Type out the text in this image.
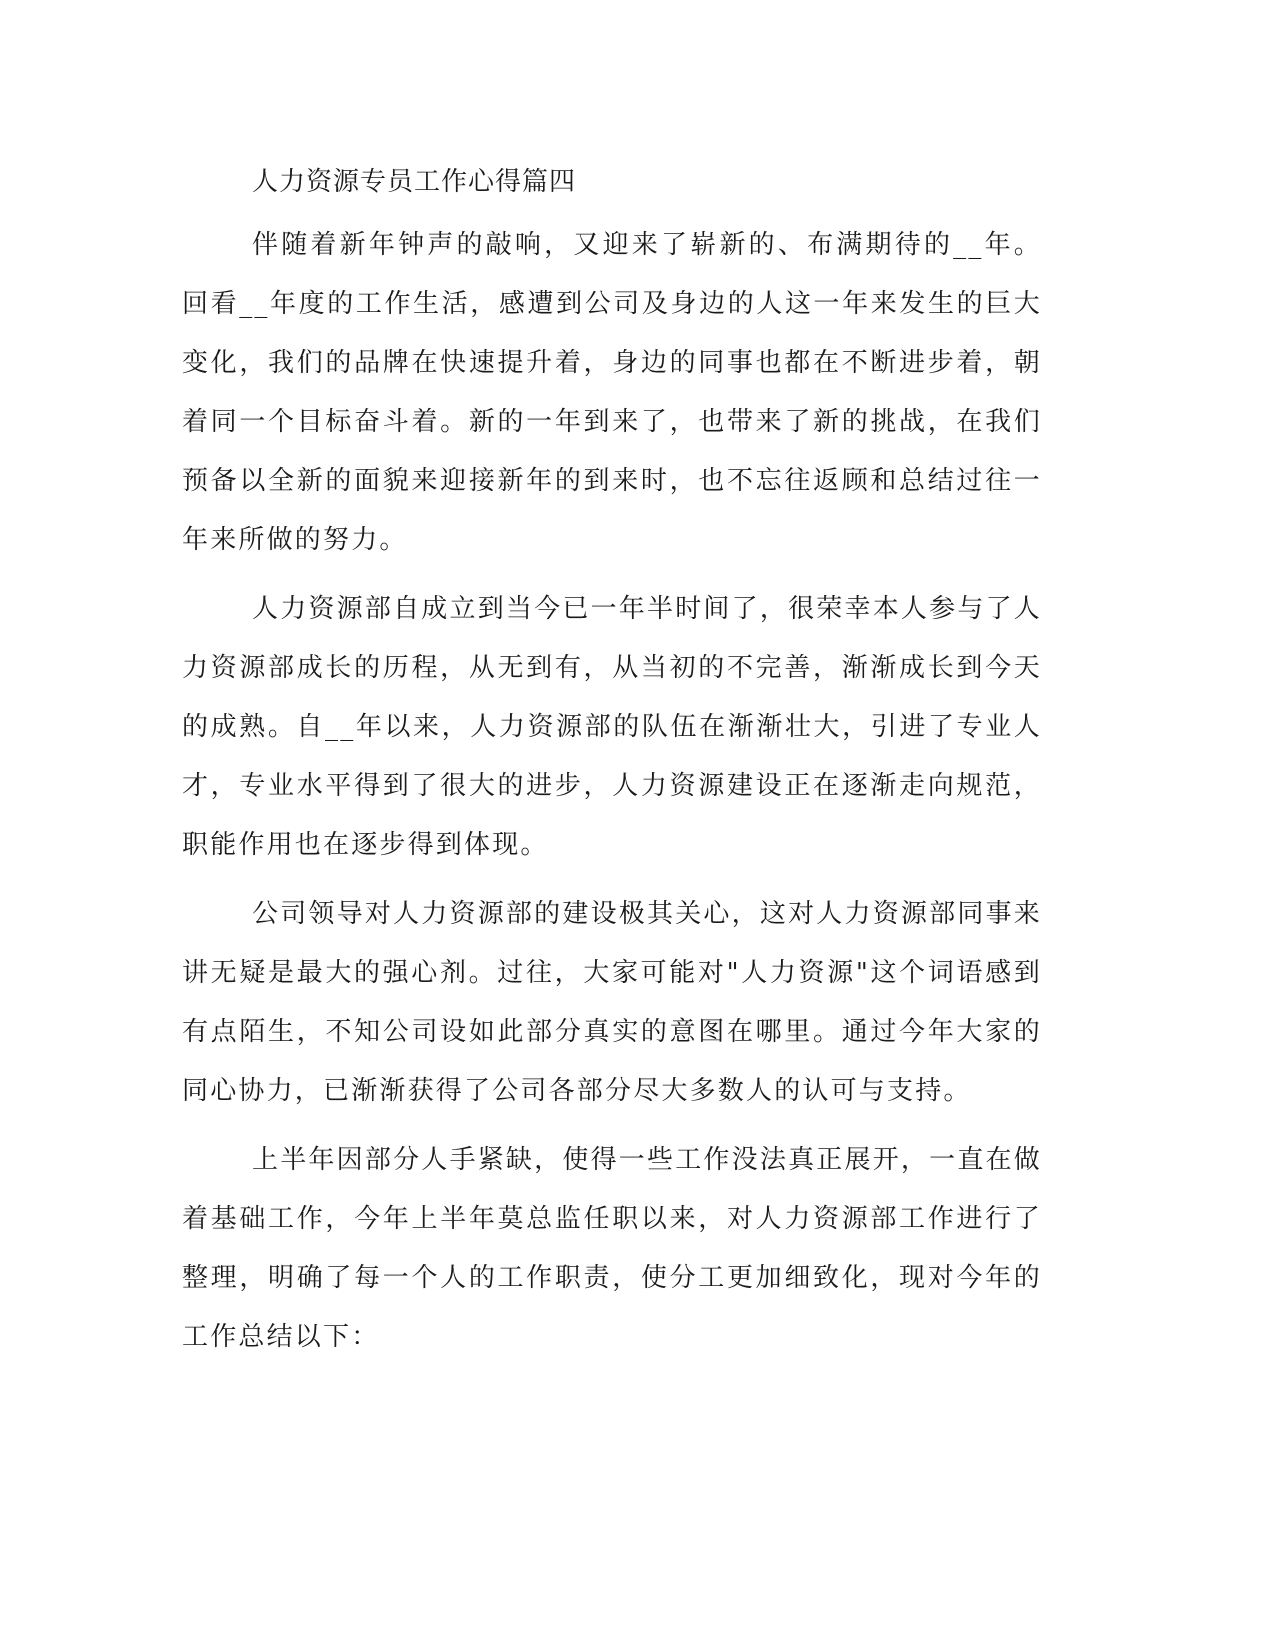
人力资源专员工作心得篇四

伴随着新年钟声的敲响，又迎来了崭新的、布满期待的__年。回看__年度的工作生活，感遭到公司及身边的人这一年来发生的巨大变化，我们的品牌在快速提升着，身边的同事也都在不断进步着，朝着同一个目标奋斗着。新的一年到来了，也带来了新的挑战，在我们预备以全新的面貌来迎接新年的到来时，也不忘往返顾和总结过往一年来所做的努力。

人力资源部自成立到当今已一年半时间了，很荣幸本人参与了人力资源部成长的历程，从无到有，从当初的不完善，渐渐成长到今天的成熟。自__年以来，人力资源部的队伍在渐渐壮大，引进了专业人才，专业水平得到了很大的进步，人力资源建设正在逐渐走向规范，职能作用也在逐步得到体现。

公司领导对人力资源部的建设极其关心，这对人力资源部同事来讲无疑是最大的强心剂。过往，大家可能对"人力资源"这个词语感到有点陌生，不知公司设如此部分真实的意图在哪里。通过今年大家的同心协力，已渐渐获得了公司各部分尽大多数人的认可与支持。

上半年因部分人手紧缺，使得一些工作没法真正展开，一直在做着基础工作，今年上半年莫总监任职以来，对人力资源部工作进行了整理，明确了每一个人的工作职责，使分工更加细致化，现对今年的工作总结以下：
